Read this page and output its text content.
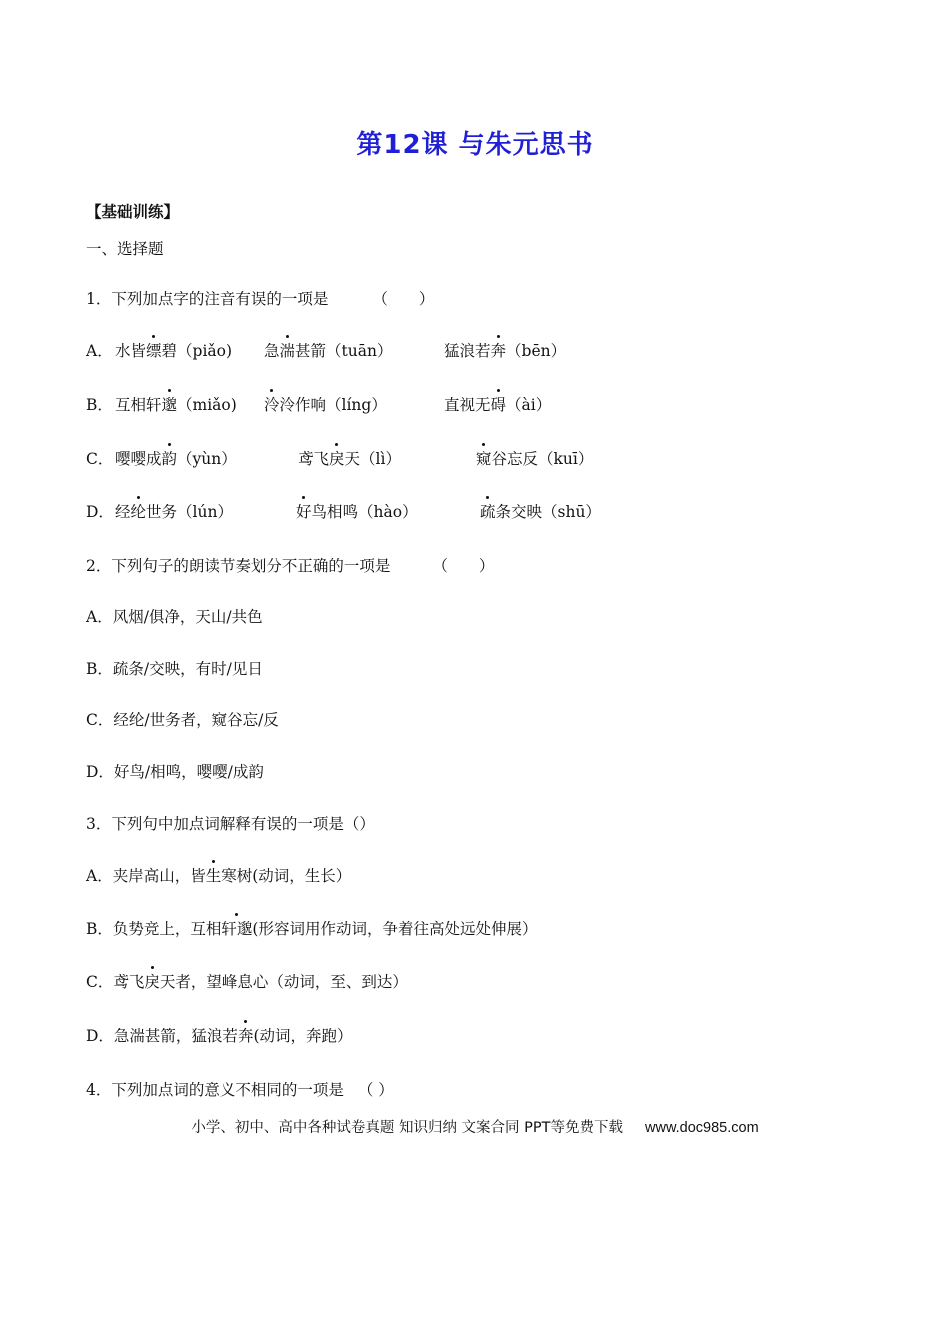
第12课 与朱元思书
【基础训练】
一、选择题
1．下列加点字的注音有误的一项是	（　　）
A． 水皆缥碧（piǎo) 急湍甚箭（tuān）	猛浪若奔（bēn）
B． 互相轩邈（miǎo) 泠泠作响（líng）	直视无碍（ài）
C． 嘤嘤成韵（yùn）	鸢飞戾天（lì）	窥谷忘反（kuī）
D． 经纶世务（lún）	好鸟相鸣（hào）	疏条交映（shū）
2．下列句子的朗读节奏划分不正确的一项是	（　　）
A．风烟/俱净，天山/共色
B．疏条/交映，有时/见日
C．经纶/世务者，窥谷忘/反
D．好鸟/相鸣，嘤嘤/成韵
3．下列句中加点词解释有误的一项是（）
A．夹岸高山，皆生寒树(动词，生长）
B．负势竞上，互相轩邈(形容词用作动词，争着往高处远处伸展）
C．鸢飞戾天者，望峰息心（动词，至、到达）
D．急湍甚箭，猛浪若奔(动词，奔跑）
4．下列加点词的意义不相同的一项是 （ ）
小学、初中、高中各种试卷真题 知识归纳 文案合同 PPT等免费下载 www.doc985.com
